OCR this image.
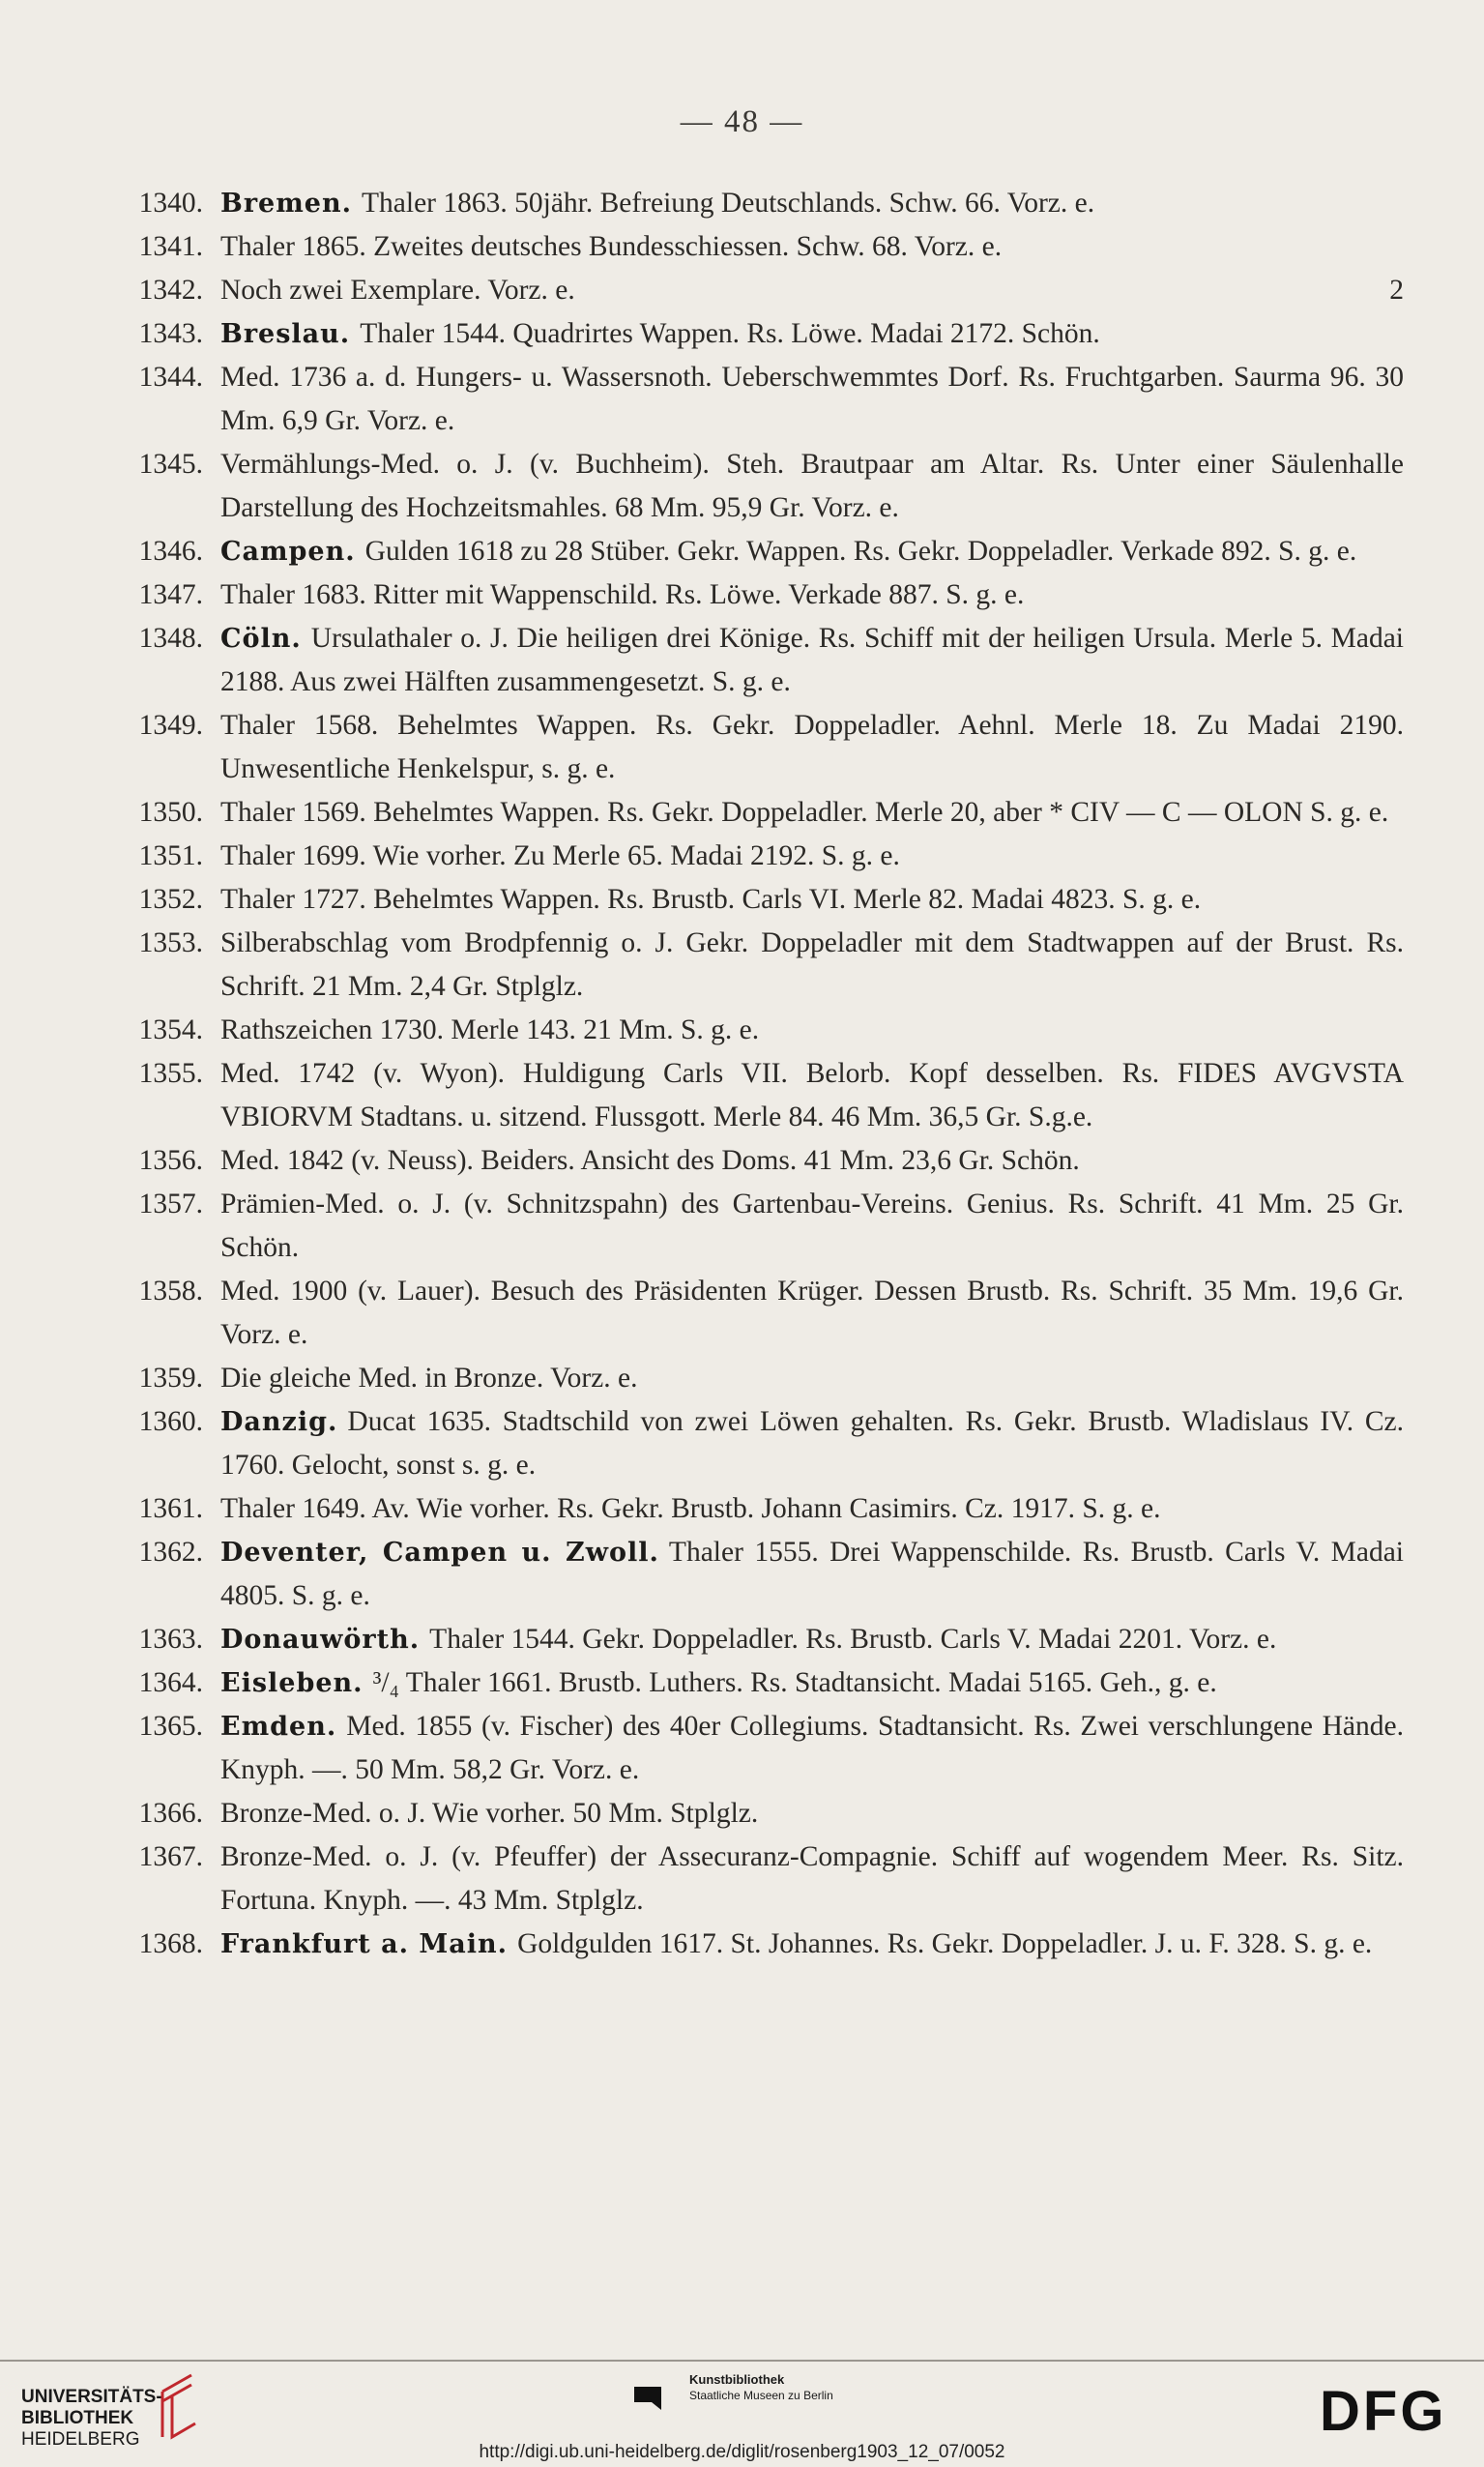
— 48 —
1340. Bremen. Thaler 1863. 50jähr. Befreiung Deutschlands. Schw. 66. Vorz. e.
1341. Thaler 1865. Zweites deutsches Bundesschiessen. Schw. 68. Vorz. e.
1342.	2
Noch zwei Exemplare. Vorz. e.
1343. Breslau. Thaler 1544. Quadrirtes Wappen. Rs. Löwe. Madai 2172. Schön.
1344. Med. 1736 a. d. Hungers- u. Wassersnoth. Ueberschwemmtes Dorf. Rs. Fruchtgarben. Saurma 96. 30 Mm. 6,9 Gr. Vorz. e.
1345. Vermählungs-Med. o. J. (v. Buchheim). Steh. Brautpaar am Altar. Rs. Unter einer Säulenhalle Darstellung des Hochzeitsmahles. 68 Mm. 95,9 Gr. Vorz. e.
1346. Campen. Gulden 1618 zu 28 Stüber. Gekr. Wappen. Rs. Gekr. Doppeladler. Verkade 892. S. g. e.
1347. Thaler 1683. Ritter mit Wappenschild. Rs. Löwe. Verkade 887. S. g. e.
1348. Cöln. Ursulathaler o. J. Die heiligen drei Könige. Rs. Schiff mit der heiligen Ursula. Merle 5. Madai 2188. Aus zwei Hälften zusammengesetzt. S. g. e.
1349. Thaler 1568. Behelmtes Wappen. Rs. Gekr. Doppeladler. Aehnl. Merle 18. Zu Madai 2190. Unwesentliche Henkelspur, s. g. e.
1350. Thaler 1569. Behelmtes Wappen. Rs. Gekr. Doppeladler. Merle 20, aber * CIV — C — OLON S. g. e.
1351. Thaler 1699. Wie vorher. Zu Merle 65. Madai 2192. S. g. e.
1352. Thaler 1727. Behelmtes Wappen. Rs. Brustb. Carls VI. Merle 82. Madai 4823. S. g. e.
1353. Silberabschlag vom Brodpfennig o. J. Gekr. Doppeladler mit dem Stadtwappen auf der Brust. Rs. Schrift. 21 Mm. 2,4 Gr. Stplglz.
1354. Rathszeichen 1730. Merle 143. 21 Mm. S. g. e.
1355. Med. 1742 (v. Wyon). Huldigung Carls VII. Belorb. Kopf desselben. Rs. FIDES AVGVSTA VBIORVM Stadtans. u. sitzend. Flussgott. Merle 84. 46 Mm. 36,5 Gr. S.g.e.
1356. Med. 1842 (v. Neuss). Beiders. Ansicht des Doms. 41 Mm. 23,6 Gr. Schön.
1357. Prämien-Med. o. J. (v. Schnitzspahn) des Gartenbau-Vereins. Genius. Rs. Schrift. 41 Mm. 25 Gr. Schön.
1358. Med. 1900 (v. Lauer). Besuch des Präsidenten Krüger. Dessen Brustb. Rs. Schrift. 35 Mm. 19,6 Gr. Vorz. e.
1359. Die gleiche Med. in Bronze. Vorz. e.
1360. Danzig. Ducat 1635. Stadtschild von zwei Löwen gehalten. Rs. Gekr. Brustb. Wladislaus IV. Cz. 1760. Gelocht, sonst s. g. e.
1361. Thaler 1649. Av. Wie vorher. Rs. Gekr. Brustb. Johann Casimirs. Cz. 1917. S. g. e.
1362. Deventer, Campen u. Zwoll. Thaler 1555. Drei Wappenschilde. Rs. Brustb. Carls V. Madai 4805. S. g. e.
1363. Donauwörth. Thaler 1544. Gekr. Doppeladler. Rs. Brustb. Carls V. Madai 2201. Vorz. e.
1364. Eisleben. ³/₄ Thaler 1661. Brustb. Luthers. Rs. Stadtansicht. Madai 5165. Geh., g. e.
1365. Emden. Med. 1855 (v. Fischer) des 40er Collegiums. Stadtansicht. Rs. Zwei verschlungene Hände. Knyph. —. 50 Mm. 58,2 Gr. Vorz. e.
1366. Bronze-Med. o. J. Wie vorher. 50 Mm. Stplglz.
1367. Bronze-Med. o. J. (v. Pfeuffer) der Assecuranz-Compagnie. Schiff auf wogendem Meer. Rs. Sitz. Fortuna. Knyph. —. 43 Mm. Stplglz.
1368. Frankfurt a. Main. Goldgulden 1617. St. Johannes. Rs. Gekr. Doppeladler. J. u. F. 328. S. g. e.
UNIVERSITÄTS-
BIBLIOTHEK
HEIDELBERG
Kunstbibliothek
Staatliche Museen zu Berlin	DFG
http://digi.ub.uni-heidelberg.de/diglit/rosenberg1903_12_07/0052
